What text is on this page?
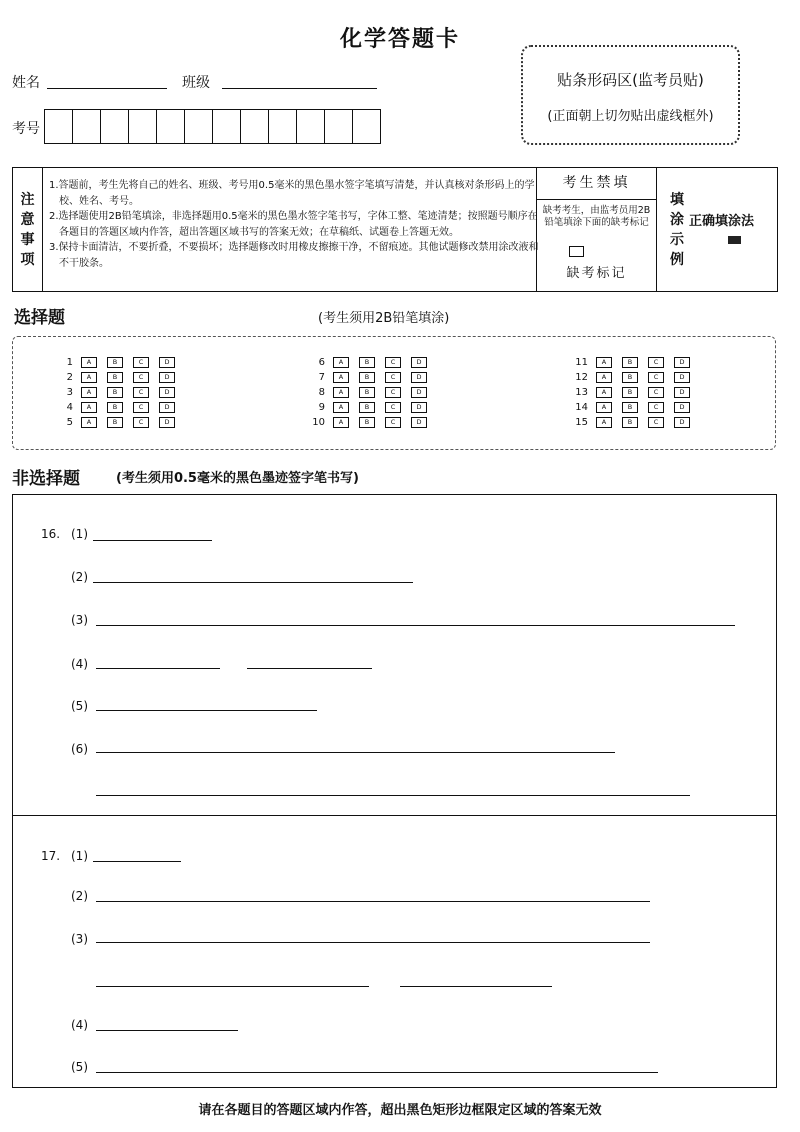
化学答题卡
姓名	班级
考号
贴条形码区(监考员贴)
(正面朝上切勿贴出虚线框外)
注意事项
1.答题前，考生先将自己的姓名、班级、考号用0.5毫米的黑色墨水签字笔填写清楚，并认真核对条形码上的学校、姓名、考号。
2.选择题使用2B铅笔填涂，非选择题用0.5毫米的黑色墨水签字笔书写，字体工整、笔迹清楚；按照题号顺序在各题目的答题区域内作答，超出答题区域书写的答案无效；在草稿纸、试题卷上答题无效。
3.保持卡面清洁，不要折叠，不要损坏；选择题修改时用橡皮擦擦干净，不留痕迹。其他试题修改禁用涂改液和不干胶条。
考生禁填
缺考考生，由监考员用2B铅笔填涂下面的缺考标记
缺考标记
填涂示例
正确填涂法
选择题	(考生须用2B铅笔填涂)
1	A	B	C	D
2	A	B	C	D
3	A	B	C	D
4	A	B	C	D
5	A	B	C	D
6	A	B	C	D
7	A	B	C	D
8	A	B	C	D
9	A	B	C	D
10	A	B	C	D
11	A	B	C	D
12	A	B	C	D
13	A	B	C	D
14	A	B	C	D
15	A	B	C	D
非选择题	(考生须用0.5毫米的黑色墨迹签字笔书写)
16. (1)
(2)
(3)
(4)
(5)
(6)
17. (1)
(2)
(3)
(4)
(5)
请在各题目的答题区域内作答，超出黑色矩形边框限定区域的答案无效
